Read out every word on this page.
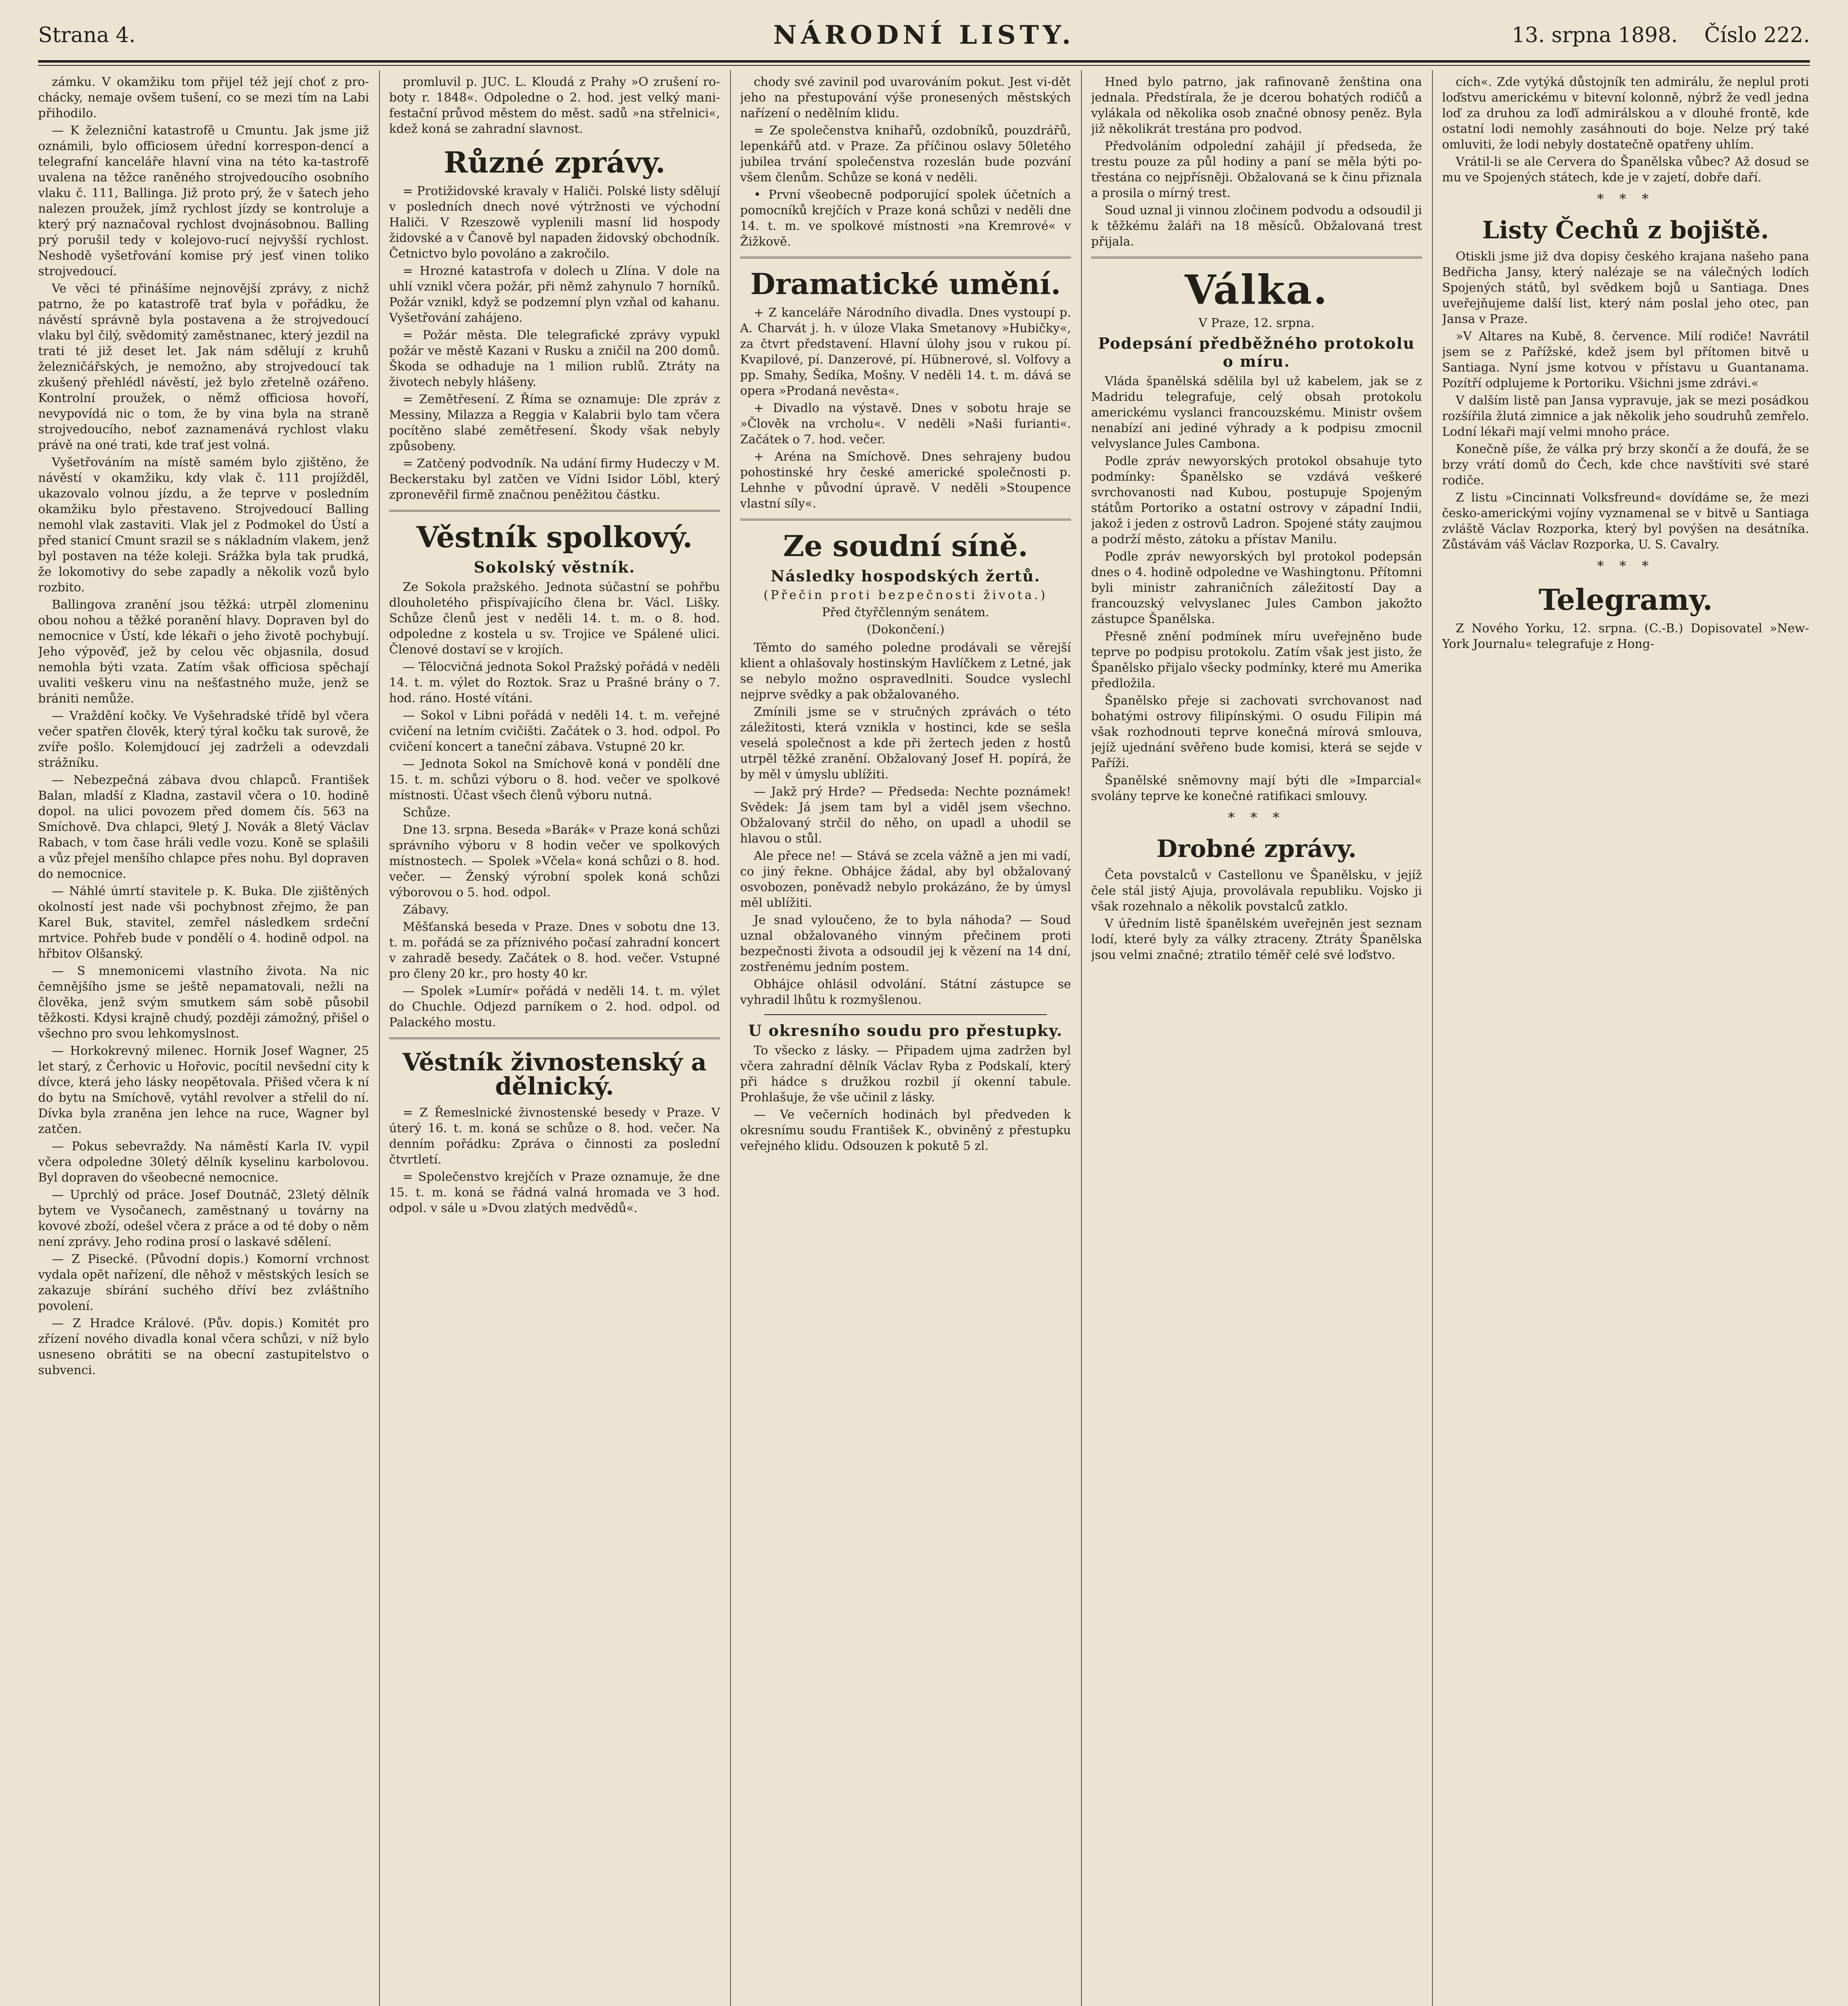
Strana 4.	NÁRODNÍ LISTY.	13. srpna 1898. Číslo 222.

zámku. V okamžiku tom přijel též její choť z pro-chácky, nemaje ovšem tušení, co se mezi tím na Labi přihodilo.

— K železniční katastrofě u Cmuntu. Jak jsme již oznámili, bylo officiosem úřední korrespon-dencí a telegrafní kanceláře hlavní vina na této ka-tastrofě uvalena na těžce raněného strojvedoucího osobního vlaku č. 111, Ballinga. Již proto prý, že v šatech jeho nalezen proužek, jímž rychlost jízdy se kontroluje a který prý naznačoval rychlost dvojnásobnou. Balling prý porušil tedy v kolejovo-rucí nejvyšší rychlost. Neshodě vyšetřování komise prý jesť vinen toliko strojvedoucí.

Ve věci té přinášíme nejnovější zprávy, z nichž patrno, že po katastrofě trať byla v pořádku, že návěstí správně byla postavena a že strojvedoucí vlaku byl čilý, svědomitý zaměstnanec, který jezdil na trati té již deset let. Jak nám sdělují z kruhů železničářských, je nemožno, aby strojvedoucí tak zkušený přehlédl návěstí, jež bylo zřetelně ozářeno. Kontrolní proužek, o němž officiosa hovoří, nevypovídá nic o tom, že by vina byla na straně strojvedoucího, neboť zaznamenává rychlost vlaku právě na oné trati, kde trať jest volná.

Vyšetřováním na místě samém bylo zjištěno, že návěstí v okamžiku, kdy vlak č. 111 projížděl, ukazovalo volnou jízdu, a že teprve v posledním okamžiku bylo přestaveno. Strojvedoucí Balling nemohl vlak zastaviti. Vlak jel z Podmokel do Ústí a před stanicí Cmunt srazil se s nákladním vlakem, jenž byl postaven na téže koleji. Srážka byla tak prudká, že lokomotivy do sebe zapadly a několik vozů bylo rozbito.

Ballingova zranění jsou těžká: utrpěl zlomeninu obou nohou a těžké poranění hlavy. Dopraven byl do nemocnice v Ústí, kde lékaři o jeho životě pochybují. Jeho výpověď, jež by celou věc objasnila, dosud nemohla býti vzata. Zatím však officiosa spěchají uvaliti veškeru vinu na nešťastného muže, jenž se brániti nemůže.

— Vraždění kočky. Ve Vyšehradské třídě byl včera večer spatřen člověk, který týral kočku tak surově, že zvíře pošlo. Kolemjdoucí jej zadrželi a odevzdali strážníku.

— Nebezpečná zábava dvou chlapců. František Balan, mladší z Kladna, zastavil včera o 10. hodině dopol. na ulici povozem před domem čís. 563 na Smíchově. Dva chlapci, 9letý J. Novák a 8letý Václav Rabach, v tom čase hráli vedle vozu. Koně se splašili a vůz přejel menšího chlapce přes nohu. Byl dopraven do nemocnice.

— Náhlé úmrtí stavitele p. K. Buka. Dle zjištěných okolností jest nade vši pochybnost zřejmo, že pan Karel Buk, stavitel, zemřel následkem srdeční mrtvice. Pohřeb bude v pondělí o 4. hodině odpol. na hřbitov Olšanský.

— S mnemonicemi vlastního života. Na nic čemnějšího jsme se ještě nepamatovali, nežli na člověka, jenž svým smutkem sám sobě působil těžkosti. Kdysi krajně chudý, později zámožný, přišel o všechno pro svou lehkomyslnost.

— Horkokrevný milenec. Hornik Josef Wagner, 25 let starý, z Čerhovic u Hořovic, pocítil nevšední city k dívce, která jeho lásky neopětovala. Přišed včera k ní do bytu na Smíchově, vytáhl revolver a střelil do ní. Dívka byla zraněna jen lehce na ruce, Wagner byl zatčen.

— Pokus sebevraždy. Na náměstí Karla IV. vypil včera odpoledne 30letý dělník kyselinu karbolovou. Byl dopraven do všeobecné nemocnice.

— Uprchlý od práce. Josef Doutnáč, 23letý dělník bytem ve Vysočanech, zaměstnaný u továrny na kovové zboží, odešel včera z práce a od té doby o něm není zprávy. Jeho rodina prosí o laskavé sdělení.

— Z Pisecké. (Původní dopis.) Komorní vrchnost vydala opět nařízení, dle něhož v městských lesích se zakazuje sbírání suchého dříví bez zvláštního povolení.

— Z Hradce Králové. (Pův. dopis.) Komitét pro zřízení nového divadla konal včera schůzi, v níž bylo usneseno obrátiti se na obecní zastupitelstvo o subvenci.

promluvil p. JUC. L. Kloudá z Prahy »O zrušení ro-boty r. 1848«. Odpoledne o 2. hod. jest velký mani-festační průvod městem do měst. sadů »na střelnici«, kdež koná se zahradní slavnost.

Různé zprávy.

= Protižidovské kravaly v Haliči. Polské listy sdělují v posledních dnech nové výtržnosti ve východní Haliči. V Rzeszowě vyplenili masní lid hospody židovské a v Čanově byl napaden židovský obchodník. Četnictvo bylo povoláno a zakročilo.

= Hrozné katastrofa v dolech u Zlína. V dole na uhlí vznikl včera požár, při němž zahynulo 7 horníků. Požár vznikl, když se podzemní plyn vzňal od kahanu. Vyšetřování zahájeno.

= Požár města. Dle telegrafické zprávy vypukl požár ve městě Kazani v Rusku a zničil na 200 domů. Škoda se odhaduje na 1 milion rublů. Ztráty na životech nebyly hlášeny.

= Zemětřesení. Z Říma se oznamuje: Dle zpráv z Messiny, Milazza a Reggia v Kalabrii bylo tam včera pocítěno slabé zemětřesení. Škody však nebyly způsobeny.

= Zatčený podvodník. Na udání firmy Hudeczy v M. Beckerstaku byl zatčen ve Vídni Isidor Löbl, který zpronevěřil firmě značnou peněžitou částku.

Věstník spolkový.
Sokolský věstník.

Ze Sokola pražského. Jednota súčastní se pohřbu dlouholetého přispívajícího člena br. Václ. Lišky. Schůze členů jest v neděli 14. t. m. o 8. hod. odpoledne z kostela u sv. Trojice ve Spálené ulici. Členové dostaví se v krojích.

— Tělocvičná jednota Sokol Pražský pořádá v neděli 14. t. m. výlet do Roztok. Sraz u Prašné brány o 7. hod. ráno. Hosté vítáni.

— Sokol v Libni pořádá v neděli 14. t. m. veřejné cvičení na letním cvičišti. Začátek o 3. hod. odpol. Po cvičení koncert a taneční zábava. Vstupné 20 kr.

— Jednota Sokol na Smíchově koná v pondělí dne 15. t. m. schůzi výboru o 8. hod. večer ve spolkové místnosti. Účast všech členů výboru nutná.

Schůze.

Dne 13. srpna. Beseda »Barák« v Praze koná schůzi správního výboru v 8 hodin večer ve spolkových místnostech. — Spolek »Včela« koná schůzi o 8. hod. večer. — Ženský výrobní spolek koná schůzi výborovou o 5. hod. odpol.

Zábavy.

Měšťanská beseda v Praze. Dnes v sobotu dne 13. t. m. pořádá se za příznivého počasí zahradní koncert v zahradě besedy. Začátek o 8. hod. večer. Vstupné pro členy 20 kr., pro hosty 40 kr.

— Spolek »Lumír« pořádá v neděli 14. t. m. výlet do Chuchle. Odjezd parníkem o 2. hod. odpol. od Palackého mostu.

Věstník živnostenský a dělnický.

= Z Řemeslnické živnostenské besedy v Praze. V úterý 16. t. m. koná se schůze o 8. hod. večer. Na denním pořádku: Zpráva o činnosti za poslední čtvrtletí.

= Společenstvo krejčích v Praze oznamuje, že dne 15. t. m. koná se řádná valná hromada ve 3 hod. odpol. v sále u »Dvou zlatých medvědů«.

chody své zavinil pod uvarováním pokut. Jest vi-dět jeho na přestupování výše pronesených městských nařízení o nedělním klidu.

= Ze společenstva knihařů, ozdobníků, pouzdrářů, lepenkářů atd. v Praze. Za příčinou oslavy 50letého jubilea trvání společenstva rozeslán bude pozvání všem členům. Schůze se koná v neděli.

• První všeobecně podporující spolek účetních a pomocníků krejčích v Praze koná schůzi v neděli dne 14. t. m. ve spolkové místnosti »na Kremrové« v Žižkově.

Dramatické umění.

+ Z kanceláře Národního divadla. Dnes vystoupí p. A. Charvát j. h. v úloze Vlaka Smetanovy »Hubičky«, za čtvrt představení. Hlavní úlohy jsou v rukou pí. Kvapilové, pí. Danzerové, pí. Hübnerové, sl. Volfovy a pp. Smahy, Šedíka, Mošny. V neděli 14. t. m. dává se opera »Prodaná nevěsta«.

+ Divadlo na výstavě. Dnes v sobotu hraje se »Člověk na vrcholu«. V neděli »Naši furianti«. Začátek o 7. hod. večer.

+ Aréna na Smíchově. Dnes sehrajeny budou pohostinské hry české americké společnosti p. Lehnhe v původní úpravě. V neděli »Stoupence vlastní síly«.

Ze soudní síně.
Následky hospodských žertů.
(Přečin proti bezpečnosti života.)
Před čtyřčlenným senátem.
(Dokončení.)

Těmto do samého poledne prodávali se věrejší klient a ohlašovaly hostinským Havlíčkem z Letné, jak se nebylo možno ospravedlniti. Soudce vyslechl nejprve svědky a pak obžalovaného.

Zmínili jsme se v stručných zprávách o této záležitosti, která vznikla v hostinci, kde se sešla veselá společnost a kde při žertech jeden z hostů utrpěl těžké zranění. Obžalovaný Josef H. popírá, že by měl v úmyslu ublížiti.

— Jakž prý Hrde? — Předseda: Nechte poznámek! Svědek: Já jsem tam byl a viděl jsem všechno. Obžalovaný strčil do něho, on upadl a uhodil se hlavou o stůl.

Ale přece ne! — Stává se zcela vážně a jen mi vadí, co jiný řekne. Obhájce žádal, aby byl obžalovaný osvobozen, poněvadž nebylo prokázáno, že by úmysl měl ublížiti.

Je snad vyloučeno, že to byla náhoda? — Soud uznal obžalovaného vinným přečinem proti bezpečnosti života a odsoudil jej k vězení na 14 dní, zostřenému jedním postem.

Obhájce ohlásil odvolání. Státní zástupce se vyhradil lhůtu k rozmyšlenou.

U okresního soudu pro přestupky.

To všecko z lásky. — Připadem ujma zadržen byl včera zahradní dělník Václav Ryba z Podskalí, který při hádce s družkou rozbil jí okenní tabule. Prohlašuje, že vše učinil z lásky.

— Ve večerních hodinách byl předveden k okresnímu soudu František K., obviněný z přestupku veřejného klidu. Odsouzen k pokutě 5 zl.

Hned bylo patrno, jak rafinovaně ženština ona jednala. Předstírala, že je dcerou bohatých rodičů a vylákala od několika osob značné obnosy peněz. Byla již několikrát trestána pro podvod.

Předvoláním odpolední zahájil jí předseda, že trestu pouze za půl hodiny a paní se měla býti po-třestána co nejpřísněji. Obžalovaná se k činu přiznala a prosila o mírný trest.

Soud uznal ji vinnou zločinem podvodu a odsoudil ji k těžkému žaláři na 18 měsíců. Obžalovaná trest přijala.

Válka.
V Praze, 12. srpna.
Podepsání předběžného protokolu o míru.

Vláda španělská sdělila byl už kabelem, jak se z Madridu telegrafuje, celý obsah protokolu americkému vyslanci francouzskému. Ministr ovšem nenabízí ani jediné výhrady a k podpisu zmocnil velvyslance Jules Cambona.

Podle zpráv newyorských protokol obsahuje tyto podmínky: Španělsko se vzdává veškeré svrchovanosti nad Kubou, postupuje Spojeným státům Portoriko a ostatní ostrovy v západní Indii, jakož i jeden z ostrovů Ladron. Spojené státy zaujmou a podrží město, zátoku a přístav Manilu.

Podle zpráv newyorských byl protokol podepsán dnes o 4. hodině odpoledne ve Washingtonu. Přítomni byli ministr zahraničních záležitostí Day a francouzský velvyslanec Jules Cambon jakožto zástupce Španělska.

Přesně znění podmínek míru uveřejněno bude teprve po podpisu protokolu. Zatím však jest jisto, že Španělsko přijalo všecky podmínky, které mu Amerika předložila.

Španělsko přeje si zachovati svrchovanost nad bohatými ostrovy filipínskými. O osudu Filipin má však rozhodnouti teprve konečná mírová smlouva, jejíž ujednání svěřeno bude komisi, která se sejde v Paříži.

Španělské sněmovny mají býti dle »Imparcial« svolány teprve ke konečné ratifikaci smlouvy.

* * *
Drobné zprávy.

Četa povstalců v Castellonu ve Španělsku, v jejíž čele stál jistý Ajuja, provolávala republiku. Vojsko ji však rozehnalo a několik povstalců zatklo.

V úředním listě španělském uveřejněn jest seznam lodí, které byly za války ztraceny. Ztráty Španělska jsou velmi značné; ztratilo téměř celé své loďstvo.

cích«. Zde vytýká důstojník ten admirálu, že neplul proti loďstvu americkému v bitevní kolonně, nýbrž že vedl jedna loď za druhou za loďí admirálskou a v dlouhé frontě, kde ostatní lodi nemohly zasáhnouti do boje. Nelze prý také omluviti, že lodi nebyly dostatečně opatřeny uhlím.

Vrátil-li se ale Cervera do Španělska vůbec? Až dosud se mu ve Spojených státech, kde je v zajetí, dobře daří.

* * *
Listy Čechů z bojiště.

Otiskli jsme již dva dopisy českého krajana našeho pana Bedřicha Jansy, který nalézaje se na válečných lodích Spojených států, byl svědkem bojů u Santiaga. Dnes uveřejňujeme další list, který nám poslal jeho otec, pan Jansa v Praze.

»V Altares na Kubě, 8. července. Milí rodiče! Navrátil jsem se z Pařížské, kdež jsem byl přítomen bitvě u Santiaga. Nyní jsme kotvou v přístavu u Guantanama. Pozítří odplujeme k Portoriku. Všichni jsme zdrávi.«

V dalším listě pan Jansa vypravuje, jak se mezi posádkou rozšířila žlutá zimnice a jak několik jeho soudruhů zemřelo. Lodní lékaři mají velmi mnoho práce.

Konečně píše, že válka prý brzy skončí a že doufá, že se brzy vrátí domů do Čech, kde chce navštíviti své staré rodiče.

Z listu »Cincinnati Volksfreund« dovídáme se, že mezi česko-americkými vojíny vyznamenal se v bitvě u Santiaga zvláště Václav Rozporka, který byl povýšen na desátníka. Zůstávám váš Václav Rozporka, U. S. Cavalry.

* * *
Telegramy.

Z Nového Yorku, 12. srpna. (C.-B.) Dopisovatel »New-York Journalu« telegrafuje z Hong-
